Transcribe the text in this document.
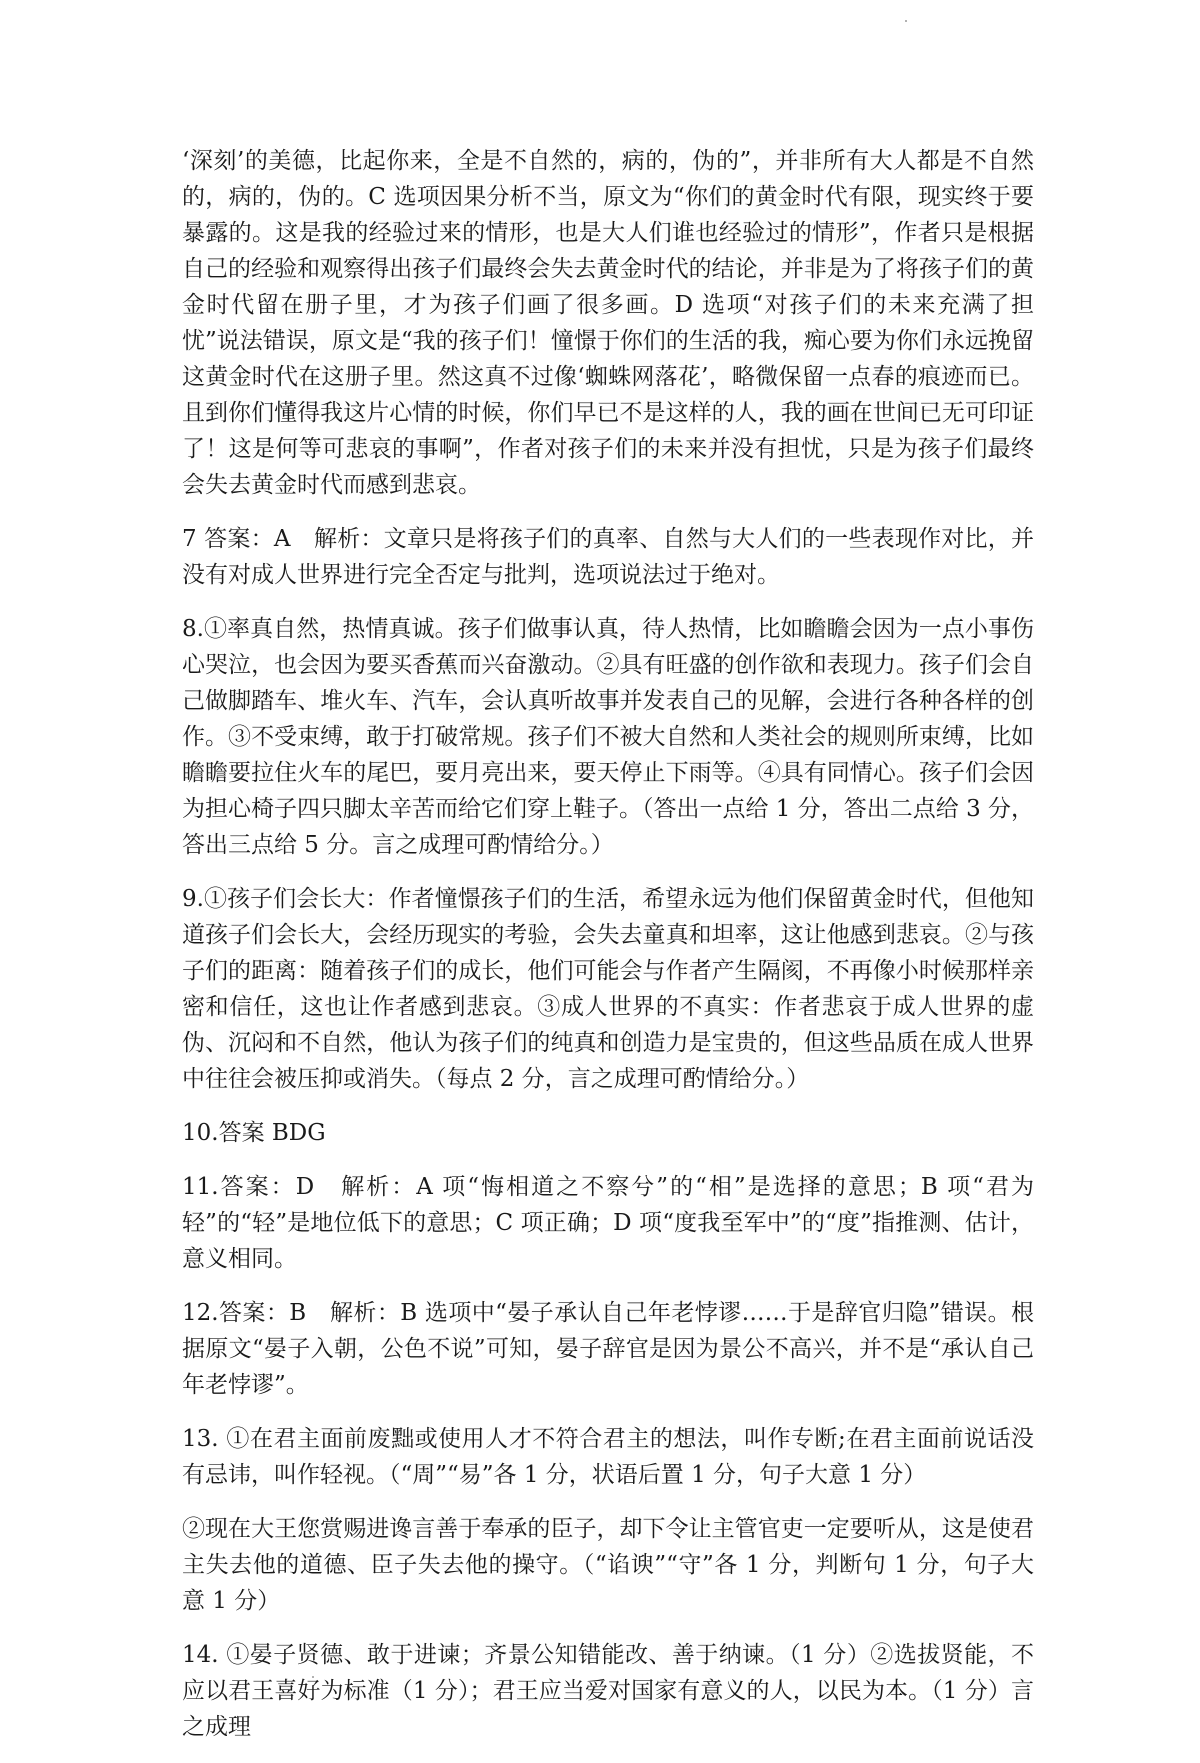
‘深刻’的美德，比起你来，全是不自然的，病的，伪的”，并非所有大人都是不自然的，病的，伪的。C 选项因果分析不当，原文为“你们的黄金时代有限，现实终于要暴露的。这是我的经验过来的情形，也是大人们谁也经验过的情形”，作者只是根据自己的经验和观察得出孩子们最终会失去黄金时代的结论，并非是为了将孩子们的黄金时代留在册子里，才为孩子们画了很多画。D 选项“对孩子们的未来充满了担忧”说法错误，原文是“我的孩子们！憧憬于你们的生活的我，痴心要为你们永远挽留这黄金时代在这册子里。然这真不过像‘蜘蛛网落花’，略微保留一点春的痕迹而已。且到你们懂得我这片心情的时候，你们早已不是这样的人，我的画在世间已无可印证了！这是何等可悲哀的事啊”，作者对孩子们的未来并没有担忧，只是为孩子们最终会失去黄金时代而感到悲哀。

7 答案：A　解析：文章只是将孩子们的真率、自然与大人们的一些表现作对比，并没有对成人世界进行完全否定与批判，选项说法过于绝对。

8.①率真自然，热情真诚。孩子们做事认真，待人热情，比如瞻瞻会因为一点小事伤心哭泣，也会因为要买香蕉而兴奋激动。②具有旺盛的创作欲和表现力。孩子们会自己做脚踏车、堆火车、汽车，会认真听故事并发表自己的见解，会进行各种各样的创作。③不受束缚，敢于打破常规。孩子们不被大自然和人类社会的规则所束缚，比如瞻瞻要拉住火车的尾巴，要月亮出来，要天停止下雨等。④具有同情心。孩子们会因为担心椅子四只脚太辛苦而给它们穿上鞋子。（答出一点给 1 分，答出二点给 3 分，答出三点给 5 分。言之成理可酌情给分。）

9.①孩子们会长大：作者憧憬孩子们的生活，希望永远为他们保留黄金时代，但他知道孩子们会长大，会经历现实的考验，会失去童真和坦率，这让他感到悲哀。②与孩子们的距离：随着孩子们的成长，他们可能会与作者产生隔阂，不再像小时候那样亲密和信任，这也让作者感到悲哀。③成人世界的不真实：作者悲哀于成人世界的虚伪、沉闷和不自然，他认为孩子们的纯真和创造力是宝贵的，但这些品质在成人世界中往往会被压抑或消失。（每点 2 分，言之成理可酌情给分。）

10.答案 BDG

11.答案：D　解析：A 项“悔相道之不察兮”的“相”是选择的意思；B 项“君为轻”的“轻”是地位低下的意思；C 项正确；D 项“度我至军中”的“度”指推测、估计，意义相同。

12.答案：B　解析：B 选项中“晏子承认自己年老悖谬……于是辞官归隐”错误。根据原文“晏子入朝，公色不说”可知，晏子辞官是因为景公不高兴，并不是“承认自己年老悖谬”。

13. ①在君主面前废黜或使用人才不符合君主的想法，叫作专断;在君主面前说话没有忌讳，叫作轻视。（“周”“易”各 1 分，状语后置 1 分，句子大意 1 分）

②现在大王您赏赐进谗言善于奉承的臣子，却下令让主管官吏一定要听从，这是使君主失去他的道德、臣子失去他的操守。（“谄谀”“守”各 1 分，判断句 1 分，句子大意 1 分）

14. ①晏子贤德、敢于进谏；齐景公知错能改、善于纳谏。（1 分）②选拔贤能，不应以君王喜好为标准（1 分）；君王应当爱对国家有意义的人，以民为本。（1 分）言之成理
